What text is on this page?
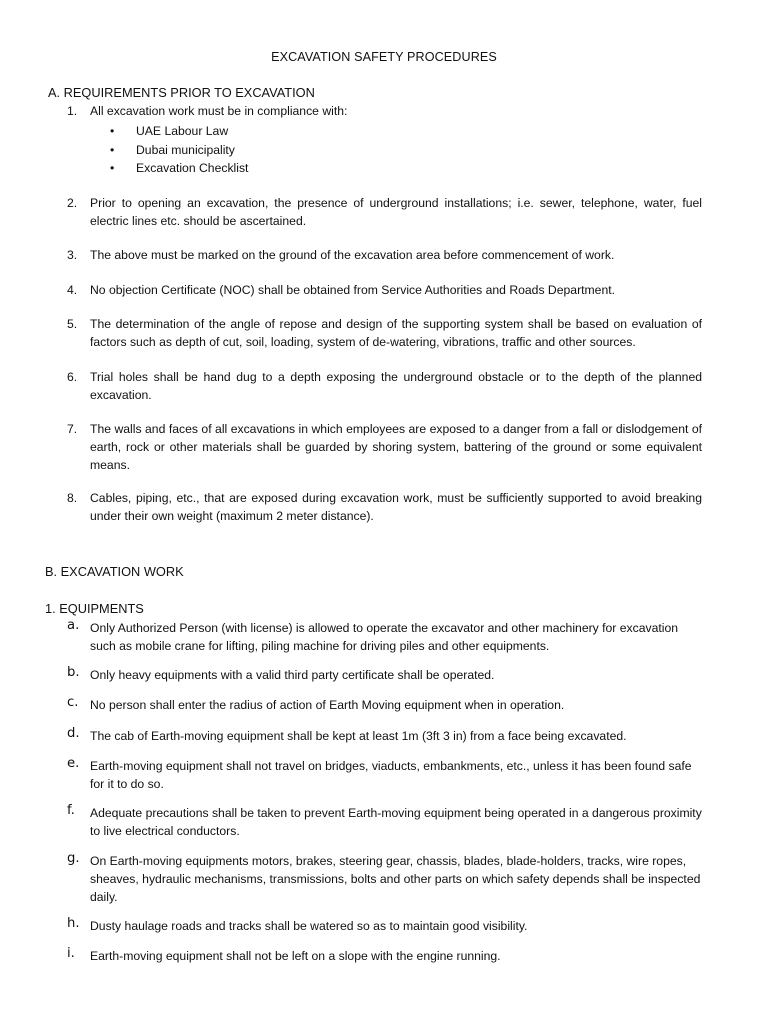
EXCAVATION SAFETY PROCEDURES
A. REQUIREMENTS PRIOR TO EXCAVATION
1.	All excavation work must be in compliance with:
• UAE Labour Law
• Dubai municipality
• Excavation Checklist
2.	Prior to opening an excavation, the presence of underground installations; i.e. sewer, telephone, water, fuel electric lines etc. should be ascertained.
3.	The above must be marked on the ground of the excavation area before commencement of work.
4.	No objection Certificate (NOC) shall be obtained from Service Authorities and Roads Department.
5.	The determination of the angle of repose and design of the supporting system shall be based on evaluation of factors such as depth of cut, soil, loading, system of de-watering, vibrations, traffic and other sources.
6.	Trial holes shall be hand dug to a depth exposing the underground obstacle or to the depth of the planned excavation.
7.	The walls and faces of all excavations in which employees are exposed to a danger from a fall or dislodgement of earth, rock or other materials shall be guarded by shoring system, battering of the ground or some equivalent means.
8.	Cables, piping, etc., that are exposed during excavation work, must be sufficiently supported to avoid breaking under their own weight (maximum 2 meter distance).
B. EXCAVATION WORK
1. EQUIPMENTS
a. Only Authorized Person (with license) is allowed to operate the excavator and other machinery for excavation such as mobile crane for lifting, piling machine for driving piles and other equipments.
b. Only heavy equipments with a valid third party certificate shall be operated.
c. No person shall enter the radius of action of Earth Moving equipment when in operation.
d. The cab of Earth-moving equipment shall be kept at least 1m (3ft 3 in) from a face being excavated.
e. Earth-moving equipment shall not travel on bridges, viaducts, embankments, etc., unless it has been found safe for it to do so.
f.	Adequate precautions shall be taken to prevent Earth-moving equipment being operated in a dangerous proximity to live electrical conductors.
g. On Earth-moving equipments motors, brakes, steering gear, chassis, blades, blade-holders, tracks, wire ropes, sheaves, hydraulic mechanisms, transmissions, bolts and other parts on which safety depends shall be inspected daily.
h. Dusty haulage roads and tracks shall be watered so as to maintain good visibility.
i.	Earth-moving equipment shall not be left on a slope with the engine running.
